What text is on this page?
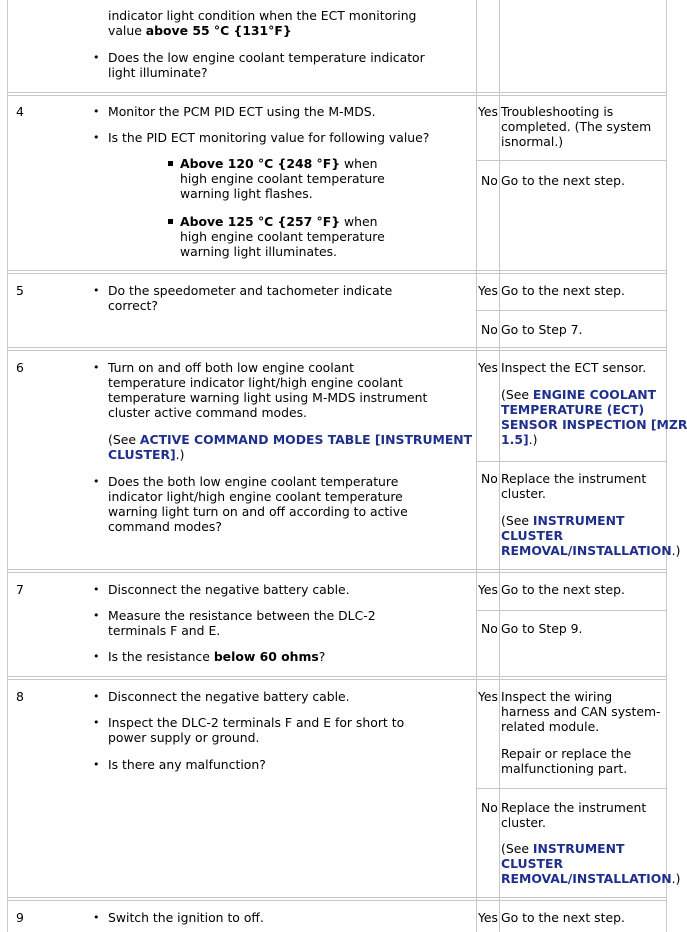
indicator light condition when the ECT monitoring
value above 55 °C {131°F}
• Does the low engine coolant temperature indicator
light illuminate?
4	• Monitor the PCM PID ECT using the M-MDS.
• Is the PID ECT monitoring value for following value?
Above 120 °C {248 °F} when
high engine coolant temperature
warning light flashes.
Above 125 °C {257 °F} when
high engine coolant temperature
warning light illuminates.
Yes Troubleshooting is
completed. (The system
isnormal.)
No Go to the next step.
5	• Do the speedometer and tachometer indicate
correct?
Yes Go to the next step.
No Go to Step 7.
6	• Turn on and off both low engine coolant
temperature indicator light/high engine coolant
temperature warning light using M-MDS instrument
cluster active command modes.
(See ACTIVE COMMAND MODES TABLE [INSTRUMENT
CLUSTER].)
• Does the both low engine coolant temperature
indicator light/high engine coolant temperature
warning light turn on and off according to active
command modes?
Yes Inspect the ECT sensor.
(See ENGINE COOLANT
TEMPERATURE (ECT)
SENSOR INSPECTION [MZR
1.5].)
No Replace the instrument
cluster.
(See INSTRUMENT
CLUSTER
REMOVAL/INSTALLATION.)
7	• Disconnect the negative battery cable.
• Measure the resistance between the DLC-2
terminals F and E.
• Is the resistance below 60 ohms?
Yes Go to the next step.
No Go to Step 9.
8	• Disconnect the negative battery cable.
• Inspect the DLC-2 terminals F and E for short to
power supply or ground.
• Is there any malfunction?
Yes Inspect the wiring
harness and CAN system-
related module.
Repair or replace the
malfunctioning part.
No Replace the instrument
cluster.
(See INSTRUMENT
CLUSTER
REMOVAL/INSTALLATION.)
9	• Switch the ignition to off.	Yes Go to the next step.
